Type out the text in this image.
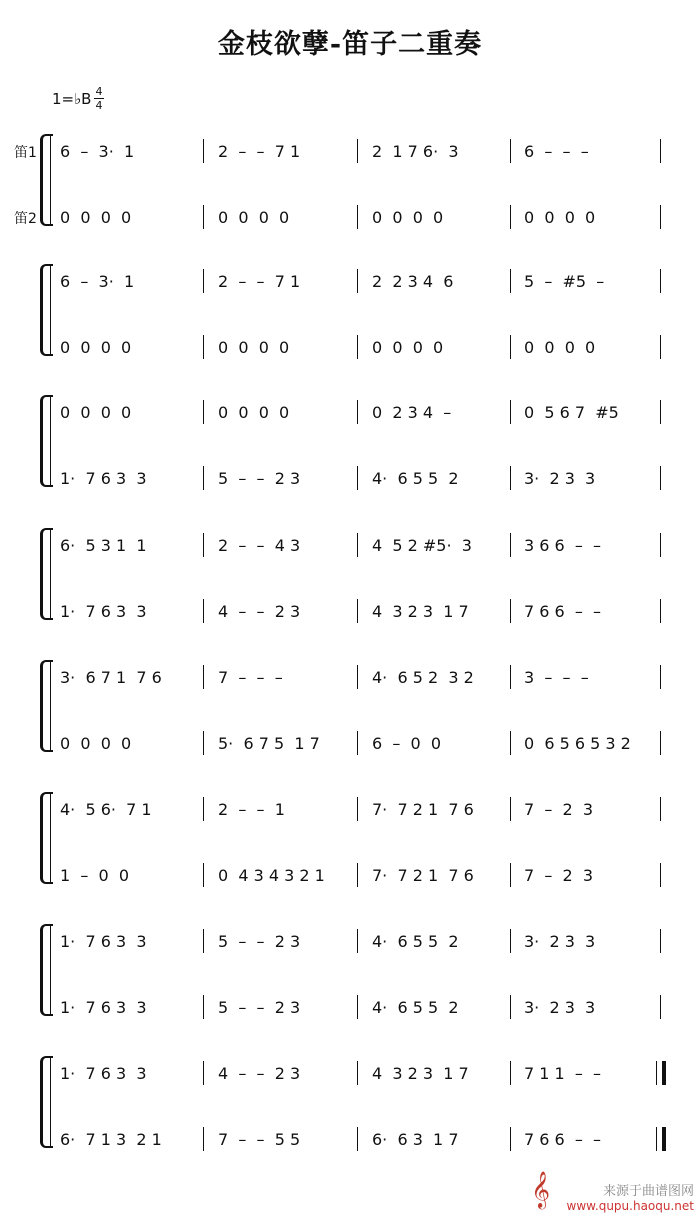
金枝欲孽-笛子二重奏
1=♭B 4
4
笛1
笛2
6  –  3·  1	2  –  –  7 1	2  1 7 6·  3	6  –  –  –
0  0  0  0	0  0  0  0	0  0  0  0	0  0  0  0
6  –  3·  1	2  –  –  7 1	2  2 3 4  6	5  –  #5  –
0  0  0  0	0  0  0  0	0  0  0  0	0  0  0  0
0  0  0  0	0  0  0  0	0  2 3 4  –	0  5 6 7  #5
1·  7 6 3  3	5  –  –  2 3	4·  6 5 5  2	3·  2 3  3
6·  5 3 1  1	2  –  –  4 3	4  5 2 #5·  3	3 6 6  –  –
1·  7 6 3  3	4  –  –  2 3	4  3 2 3  1 7	7 6 6  –  –
3·  6 7 1  7 6	7  –  –  –	4·  6 5 2  3 2	3  –  –  –
0  0  0  0	5·  6 7 5  1 7	6  –  0  0	0  6 5 6 5 3 2
4·  5 6·  7 1	2  –  –  1	7·  7 2 1  7 6	7  –  2  3
1  –  0  0	0  4 3 4 3 2 1	7·  7 2 1  7 6	7  –  2  3
1·  7 6 3  3	5  –  –  2 3	4·  6 5 5  2	3·  2 3  3
1·  7 6 3  3	5  –  –  2 3	4·  6 5 5  2	3·  2 3  3
1·  7 6 3  3	4  –  –  2 3	4  3 2 3  1 7	7 1 1  –  –
6·  7 1 3  2 1	7  –  –  5 5	6·  6 3  1 7	7 6 6  –  –
𝄞	来源于曲谱图网
www.qupu.haoqu.net
